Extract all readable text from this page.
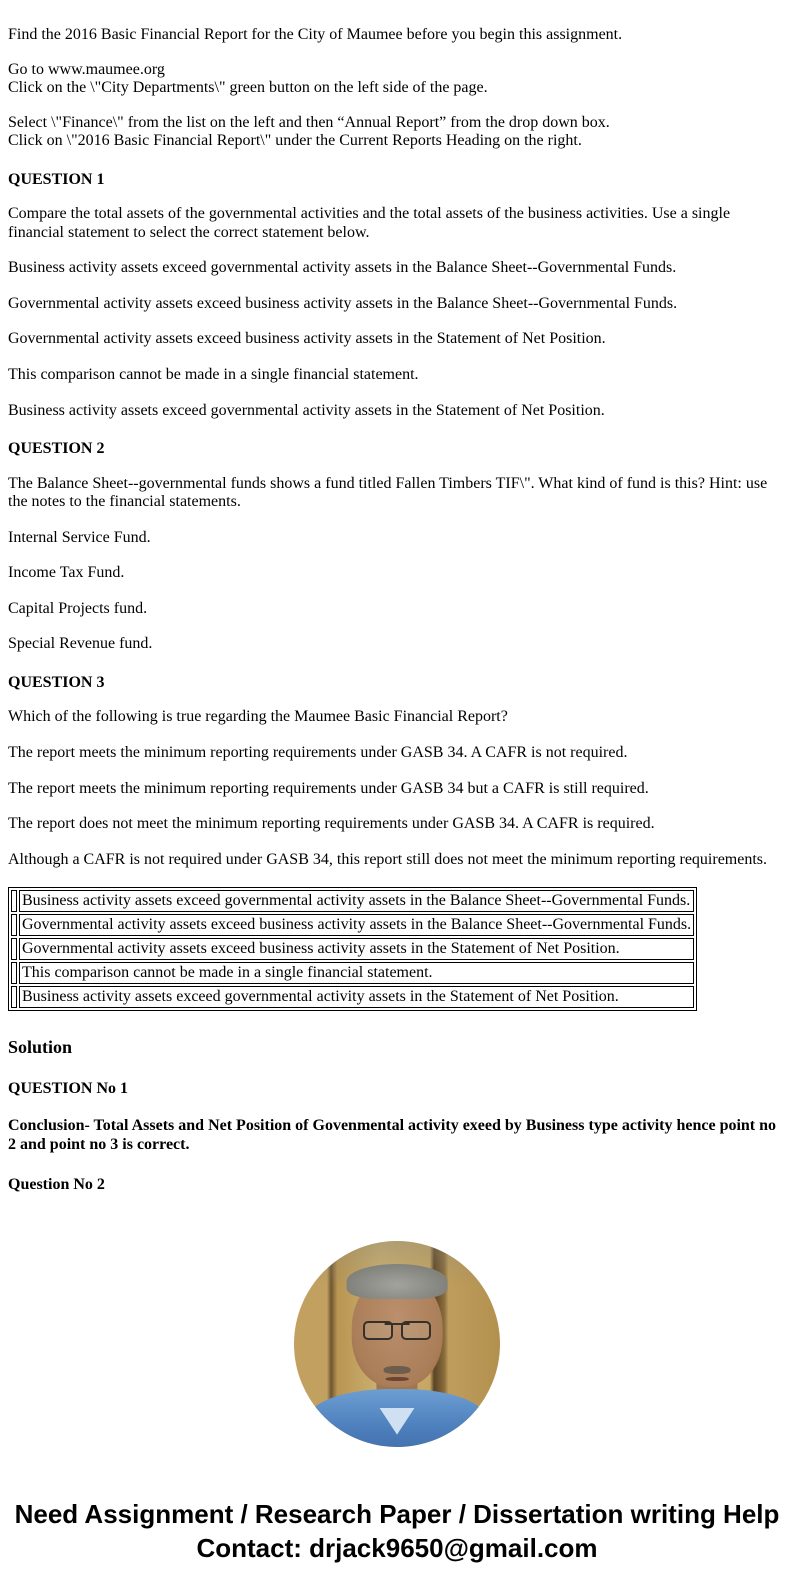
Find the 2016 Basic Financial Report for the City of Maumee before you begin this assignment.

Go to www.maumee.org
Click on the \"City Departments\" green button on the left side of the page.

Select \"Finance\" from the list on the left and then “Annual Report” from the drop down box.
Click on \"2016 Basic Financial Report\" under the Current Reports Heading on the right.

QUESTION 1

Compare the total assets of the governmental activities and the total assets of the business activities. Use a single financial statement to select the correct statement below.

Business activity assets exceed governmental activity assets in the Balance Sheet--Governmental Funds.

Governmental activity assets exceed business activity assets in the Balance Sheet--Governmental Funds.

Governmental activity assets exceed business activity assets in the Statement of Net Position.

This comparison cannot be made in a single financial statement.

Business activity assets exceed governmental activity assets in the Statement of Net Position.

QUESTION 2

The Balance Sheet--governmental funds shows a fund titled Fallen Timbers TIF\". What kind of fund is this? Hint: use the notes to the financial statements.

Internal Service Fund.

Income Tax Fund.

Capital Projects fund.

Special Revenue fund.

QUESTION 3

Which of the following is true regarding the Maumee Basic Financial Report?

The report meets the minimum reporting requirements under GASB 34. A CAFR is not required.

The report meets the minimum reporting requirements under GASB 34 but a CAFR is still required.

The report does not meet the minimum reporting requirements under GASB 34. A CAFR is required.

Although a CAFR is not required under GASB 34, this report still does not meet the minimum reporting requirements.

	Business activity assets exceed governmental activity assets in the Balance Sheet--Governmental Funds.
	Governmental activity assets exceed business activity assets in the Balance Sheet--Governmental Funds.
	Governmental activity assets exceed business activity assets in the Statement of Net Position.
	This comparison cannot be made in a single financial statement.
	Business activity assets exceed governmental activity assets in the Statement of Net Position.

Solution

QUESTION No 1

Conclusion- Total Assets and Net Position of Govenmental activity exeed by Business type activity hence point no 2 and point no 3 is correct.

Question No 2

Need Assignment / Research Paper / Dissertation writing Help
Contact: drjack9650@gmail.com
